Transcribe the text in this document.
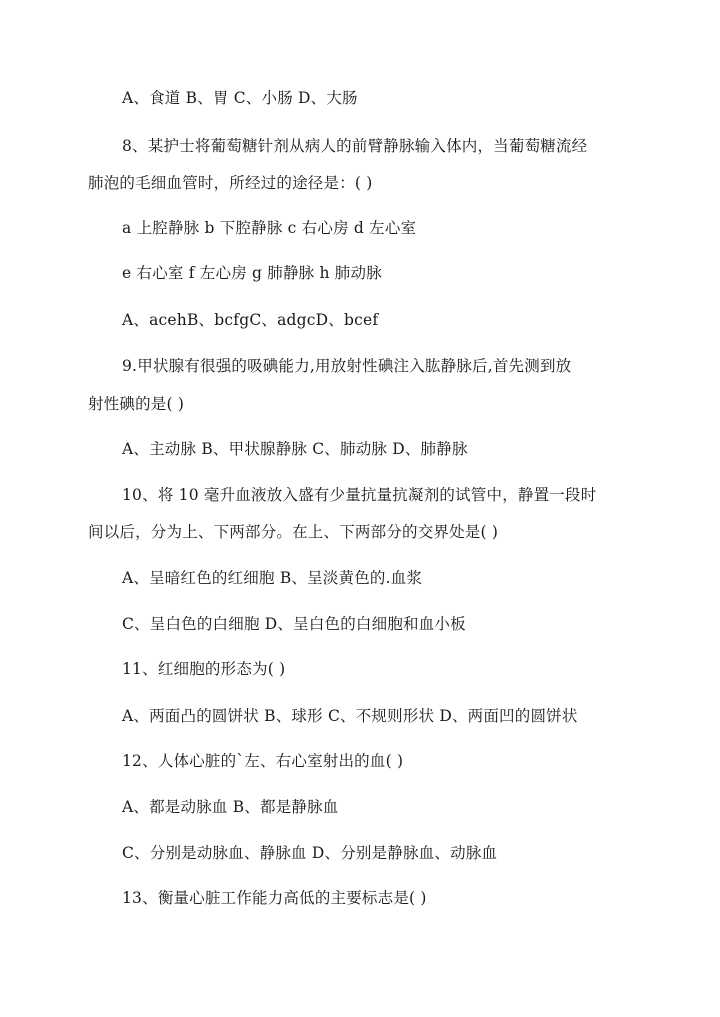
A、食道 B、胃 C、小肠 D、大肠
8、某护士将葡萄糖针剂从病人的前臂静脉输入体内，当葡萄糖流经
肺泡的毛细血管时，所经过的途径是：( )
a 上腔静脉 b 下腔静脉 c 右心房 d 左心室
e 右心室 f 左心房 g 肺静脉 h 肺动脉
A、acehB、bcfgC、adgcD、bcef
9.甲状腺有很强的吸碘能力,用放射性碘注入肱静脉后,首先测到放
射性碘的是( )
A、主动脉 B、甲状腺静脉 C、肺动脉 D、肺静脉
10、将 10 毫升血液放入盛有少量抗量抗凝剂的试管中，静置一段时
间以后，分为上、下两部分。在上、下两部分的交界处是( )
A、呈暗红色的红细胞 B、呈淡黄色的.血浆
C、呈白色的白细胞 D、呈白色的白细胞和血小板
11、红细胞的形态为( )
A、两面凸的圆饼状 B、球形 C、不规则形状 D、两面凹的圆饼状
12、人体心脏的`左、右心室射出的血( )
A、都是动脉血 B、都是静脉血
C、分别是动脉血、静脉血 D、分别是静脉血、动脉血
13、衡量心脏工作能力高低的主要标志是( )
